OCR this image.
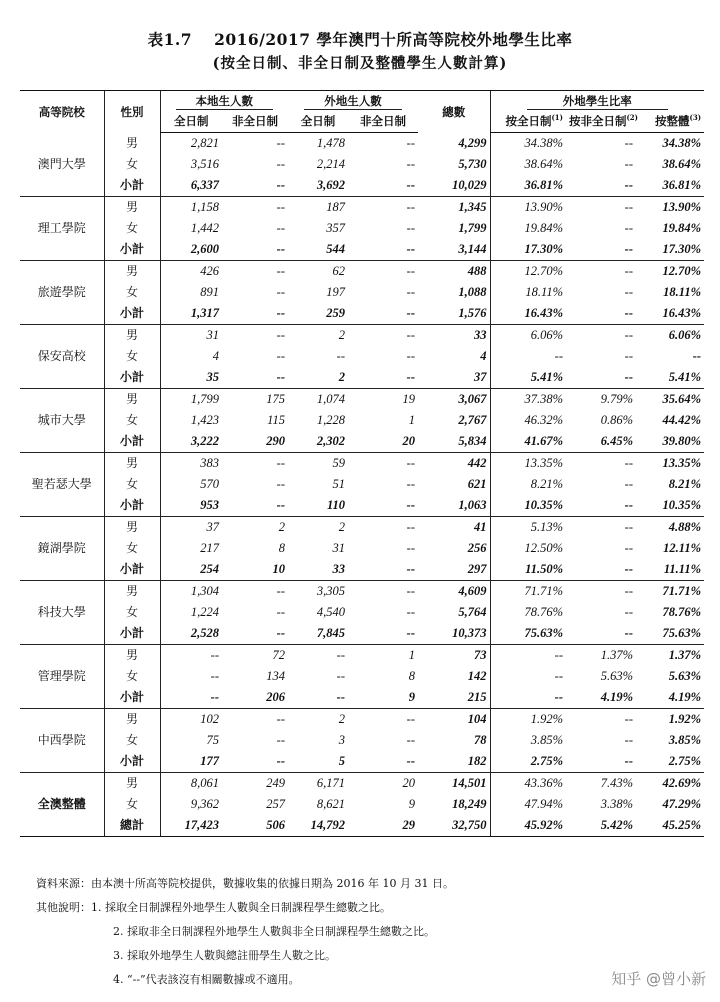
表1.7 2016/2017 學年澳門十所高等院校外地學生比率
(按全日制、非全日制及整體學生人數計算)
高等院校	性別	本地生人數		外地生人數		總數	外地學生比率		
		全日制	非全日制	全日制	非全日制		按全日制$^{(1)}$	按非全日制$^{(2)}$	按整體$^{(3)}$
澳門大學	男	2,821	--	1,478	--	4,299	34.38%	--	34.38%
	女	3,516	--	2,214	--	5,730	38.64%	--	38.64%
	小計	6,337	--	3,692	--	10,029	36.81%	--	36.81%
理工學院	男	1,158	--	187	--	1,345	13.90%	--	13.90%
	女	1,442	--	357	--	1,799	19.84%	--	19.84%
	小計	2,600	--	544	--	3,144	17.30%	--	17.30%
旅遊學院	男	426	--	62	--	488	12.70%	--	12.70%
	女	891	--	197	--	1,088	18.11%	--	18.11%
	小計	1,317	--	259	--	1,576	16.43%	--	16.43%
保安高校	男	31	--	2	--	33	6.06%	--	6.06%
	女	4	--	--	--	4	--	--	--
	小計	35	--	2	--	37	5.41%	--	5.41%
城市大學	男	1,799	175	1,074	19	3,067	37.38%	9.79%	35.64%
	女	1,423	115	1,228	1	2,767	46.32%	0.86%	44.42%
	小計	3,222	290	2,302	20	5,834	41.67%	6.45%	39.80%
聖若瑟大學	男	383	--	59	--	442	13.35%	--	13.35%
	女	570	--	51	--	621	8.21%	--	8.21%
	小計	953	--	110	--	1,063	10.35%	--	10.35%
鏡湖學院	男	37	2	2	--	41	5.13%	--	4.88%
	女	217	8	31	--	256	12.50%	--	12.11%
	小計	254	10	33	--	297	11.50%	--	11.11%
科技大學	男	1,304	--	3,305	--	4,609	71.71%	--	71.71%
	女	1,224	--	4,540	--	5,764	78.76%	--	78.76%
	小計	2,528	--	7,845	--	10,373	75.63%	--	75.63%
管理學院	男	--	72	--	1	73	--	1.37%	1.37%
	女	--	134	--	8	142	--	5.63%	5.63%
	小計	--	206	--	9	215	--	4.19%	4.19%
中西學院	男	102	--	2	--	104	1.92%	--	1.92%
	女	75	--	3	--	78	3.85%	--	3.85%
	小計	177	--	5	--	182	2.75%	--	2.75%
全澳整體	男	8,061	249	6,171	20	14,501	43.36%	7.43%	42.69%
	女	9,362	257	8,621	9	18,249	47.94%	3.38%	47.29%
	總計	17,423	506	14,792	29	32,750	45.92%	5.42%	45.25%
資料來源：由本澳十所高等院校提供，數據收集的依據日期為 2016 年 10 月 31 日。
其他說明：1. 採取全日制課程外地學生人數與全日制課程學生總數之比。
2. 採取非全日制課程外地學生人數與非全日制課程學生總數之比。
3. 採取外地學生人數與總註冊學生人數之比。
4. “--”代表該沒有相關數據或不適用。	知乎 @曾小新
